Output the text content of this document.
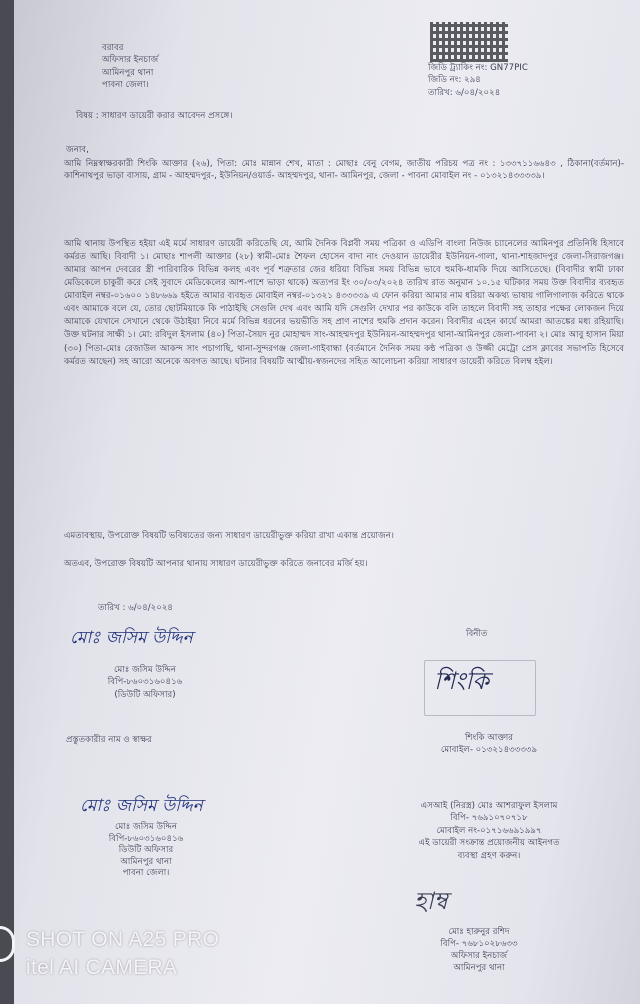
বরাবর
অফিসার ইনচার্জ
আমিনপুর থানা
পাবনা জেলা।
জিডি ট্র্যাকিং নং: GN77PIC
জিডি নং: ২৯৪
তারিখ: ৬/০৪/২০২৪
বিষয় : সাধারণ ডায়েরী করার আবেদন প্রসঙ্গে।
জনাব,
আমি নিম্নস্বাক্ষরকারী শিংকি আক্তার (২৬), পিতা: মোঃ মান্নান শেখ, মাতা : মোছাঃ বেনু বেগম, জাতীয় পরিচয় পত্র নং : ১৩৩৭১১৬৬৪৩ , ঠিকানা(বর্তমান)-কাশিনাথপুর ভাড়া বাসায়, গ্রাম - আহম্মদপুর-, ইউনিয়ন/ওয়ার্ড- আহম্মদপুর, থানা- আমিনপুর, জেলা - পাবনা মোবাইল নং - ০১৩২১৪৩৩৩৩৯।
আমি থানায় উপস্থিত হইয়া এই মর্মে সাধারণ ডায়েরী করিতেছি যে, আমি দৈনিক বিপ্লবী সময় পত্রিকা ও এডিপি বাংলা নিউজ চ্যানেলের আমিনপুর প্রতিনিধি হিসাবে কর্মরত আছি। বিবাদী ১। মোছাঃ শাপলী আক্তার (২৮) স্বামী-মোঃ শৈফল হোসেন বাদা নাং দেওয়ান ডায়েরীর ইউনিয়ন-গালা, থানা-শাহজাদপুর জেলা-সিরাজগঞ্জ। আমার আপন দেবরের স্ত্রী পারিবারিক বিভিন্ন কলহ এবং পূর্ব শত্রুতার জের ধরিয়া বিভিন্ন সময় বিভিন্ন ভাবে হুমকি-ধামকি দিয়ে আসিতেছে। (বিবাদীর স্বামী ঢাকা মেডিকেলে চাকুরী করে সেই সুবাদে মেডিকেলের আশ-পাশে ভাড়া থাকে) অত্যপর ইং ৩০/০৩/২০২৪ তারিখ রাত অনুমান ১০.১৫ ঘটিকার সময় উক্ত বিবাদীর ব্যবহৃত মোবাইল নম্বর-০১৬০০ ১৪৮৬৬৯ হইতে আমার ব্যবহৃত মোবাইল নম্বর-০১৩২১ ৪৩৩৩৩৯ এ ফোন করিয়া আমার নাম ধরিয়া অকথ্য ভাষায় গালিগালাজ করিতে থাকে এবং আমাকে বলে যে, তোর ছোটমিয়াকে কি পাঠাইছি সেগুলি দেখ এবং আমি যদি সেগুলি দেখার পর কাউকে বলি তাহলে বিবাদী সহ তাহার পক্ষের লোকজন দিয়ে আমাকে যেখানে সেখানে থেকে উঠাইয়া নিবে মর্মে বিভিন্ন ধরনের ভয়ভীতি সহ প্রাণ নাশের হুমকি প্রদান করেন। বিবাদীর এহেন কার্যে আমরা আতঙ্কের মধ্য রহিয়াছি। উক্ত ঘটনার সাক্ষী ১। মো: রবিদুল ইসলাম (৪০) পিতা-সৈয়দ নুর মোহাম্মদ সাং-আহম্মদপুর ইউনিয়ন-আহম্মদপুর থানা-আমিনপুর জেলা-পাবনা ২। মোঃ আবু হাসান মিয়া (৩০) পিতা-মোঃ রেজাউল আকন্দ সাং পচাগাছি, থানা-সুন্দরগঞ্জ জেলা-গাইবান্ধা (বর্তমানে দৈনিক সময় কন্ঠ পত্রিকা ও উজ্জী মেট্রো প্রেস ক্লাবের সভাপতি হিসেবে কর্মরত আছেন) সহ আরো অনেকে অবগত আছে। ঘটনার বিষয়টি আত্মীয়-স্বজনদের সহিত আলোচনা করিয়া সাধারণ ডায়েরী করিতে বিলম্ব হইল।
এমতাবস্থায়, উপরোক্ত বিষয়টি ভবিষ্যতের জন্য সাধারণ ডায়েরীভুক্ত করিয়া রাখা একান্ত প্রয়োজন।
অতএব, উপরোক্ত বিষয়টি আপনার থানায় সাধারণ ডায়েরীভুক্ত করিতে জনাবের মর্জি হয়।
তারিখ : ৬/০৪/২০২৪
মোঃ জসিম উদ্দিন
মোঃ জসিম উদ্দিন
বিপি-৮৬০৩১৬০৪১৬
(ডিউটি অফিসার)
প্রস্তুতকারীর নাম ও স্বাক্ষর
বিনীত
শিংকি
শিংকি আক্তার
মোবাইল- ০১৩২১৪৩৩৩৩৯
মোঃ জসিম উদ্দিন
মোঃ জসিম উদ্দিন
বিপি-৮৬০৩১৬০৪১৬
ডিউটি অফিসার
আমিনপুর থানা
পাবনা জেলা।
এসআই (নিরস্ত্র) মোঃ আশরাফুল ইসলাম
বিপি- ৭৬৯১০৭০৭১৮
মোবাইল নং-০১৭১৬৬৯১৯৯৭
এই ডায়েরী সংক্রান্ত প্রয়োজনীয় আইনগত
ব্যবস্থা গ্রহণ করুন।
হাম্ব
মোঃ হারুনুর রশিদ
বিপি- ৭৬৮১০২৮৬৩৩
অফিসার ইনচার্জ
আমিনপুর থানা
SHOT ON A25 PRO
itel AI CAMERA
